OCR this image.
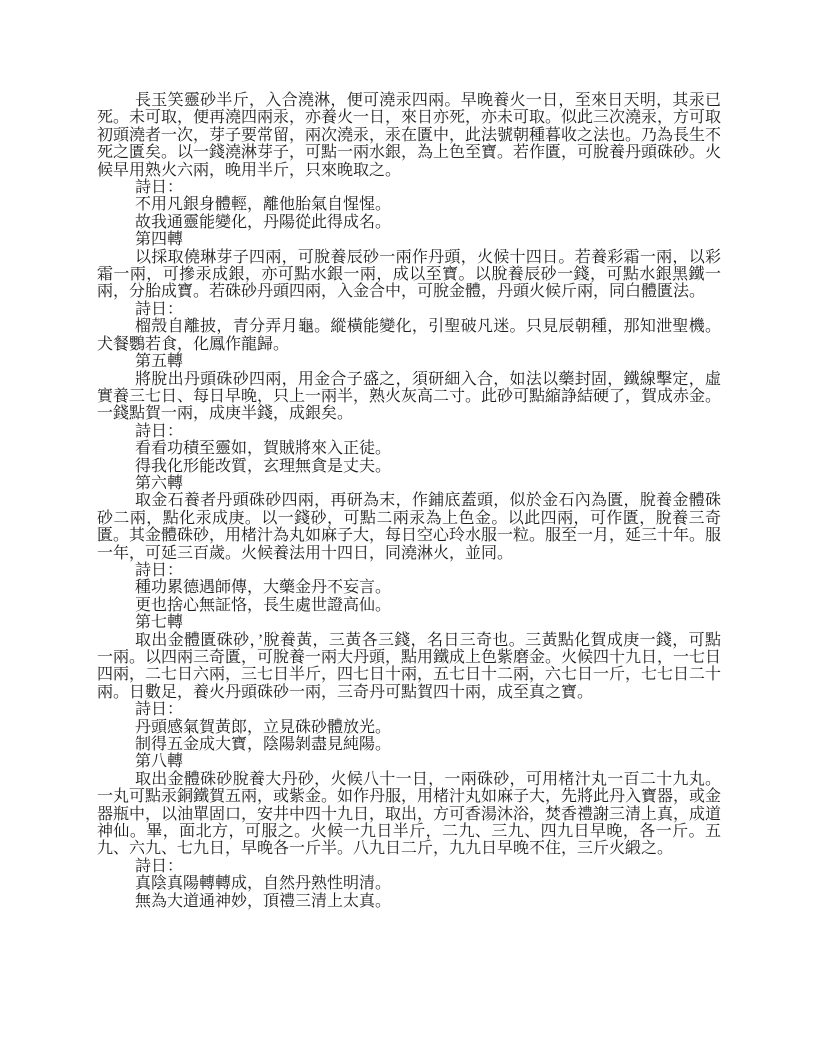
長玉笑靈砂半斤，入合澆淋，便可澆汞四兩。早晚養火一日，至來日天明，其汞已死。未可取，便再澆四兩汞，亦養火一日，來日亦死，亦未可取。似此三次澆汞，方可取初頭澆者一次，芽子要常留，兩次澆汞，汞在匱中，此法號朝種暮收之法也。乃為長生不死之匱矣。以一錢澆淋芽子，可點一兩水銀，為上色至寶。若作匱，可脫養丹頭硃砂。火候早用熟火六兩，晚用半斤，只來晚取之。
詩日：
不用凡銀身體輕，離他胎氣自惺惺。
故我通靈能變化，丹陽從此得成名。
第四轉
以採取僥琳芽子四兩，可脫養辰砂一兩作丹頭，火候十四日。若養彩霜一兩，以彩霜一兩，可摻汞成銀，亦可點水銀一兩，成以至寶。以脫養辰砂一錢，可點水銀黑鐵一兩，分胎成寶。若硃砂丹頭四兩，入金合中，可脫金體，丹頭火候斤兩，同白體匱法。
詩日：
榴殼自離披，青分弄月龜。縱橫能變化，引聖破凡迷。只見辰朝種，那知泄聖機。犬餐鸚若食，化鳳作龍歸。
第五轉
將脫出丹頭硃砂四兩，用金合子盛之，須研細入合，如法以藥封固，鐵線擊定，虛實養三七日、每日早晚，只上一兩半，熟火灰高二寸。此砂可點縮諍結硬了，賀成赤金。一錢點賀一兩，成庚半錢，成銀矣。
詩日：
看看功積至靈如，賀賊將來入正徒。
得我化形能改質，玄理無貪是丈夫。
第六轉
取金石養者丹頭硃砂四兩，再研為末，作鋪底蓋頭，似於金石內為匱，脫養金體硃砂二兩，點化汞成庚。以一錢砂，可點二兩汞為上色金。以此四兩，可作匱，脫養三奇匱。其金體硃砂，用楮汁為丸如麻子大，每日空心玲水服一粒。服至一月，延三十年。服一年，可延三百歲。火候養法用十四日，同澆淋火，並同。
詩日：
種功累德遇師傳，大藥金丹不妄言。
更也捨心無証恪，長生處世證高仙。
第七轉
取出金體匱硃砂，’脫養黃，三黃各三錢，名日三奇也。三黃點化賀成庚一錢，可點一兩。以四兩三奇匱，可脫養一兩大丹頭，點用鐵成上色紫磨金。火候四十九日，一七日四兩，二七日六兩，三七日半斤，四七日十兩，五七日十二兩，六七日一斤，七七日二十兩。日數足，養火丹頭硃砂一兩，三奇丹可點賀四十兩，成至真之寶。
詩日：
丹頭感氣賀黃郎，立見硃砂體放光。
制得五金成大寶，陰陽剝盡見純陽。
第八轉
取出金體硃砂脫養大丹砂，火候八十一日，一兩硃砂，可用楮汁丸一百二十九丸。一丸可點汞銅鐵賀五兩，或紫金。如作丹服，用楮汁丸如麻子大，先將此丹入寶器，或金器瓶中，以油單固口，安井中四十九日，取出，方可香湯沐浴，焚香禮謝三清上真，成道神仙。畢，面北方，可服之。火候一九日半斤，二九、三九、四九日早晚，各一斤。五九、六九、七九日，早晚各一斤半。八九日二斤，九九日早晚不住，三斤火緞之。
詩日：
真陰真陽轉轉成，自然丹熟性明清。
無為大道通神妙，頂禮三清上太真。
